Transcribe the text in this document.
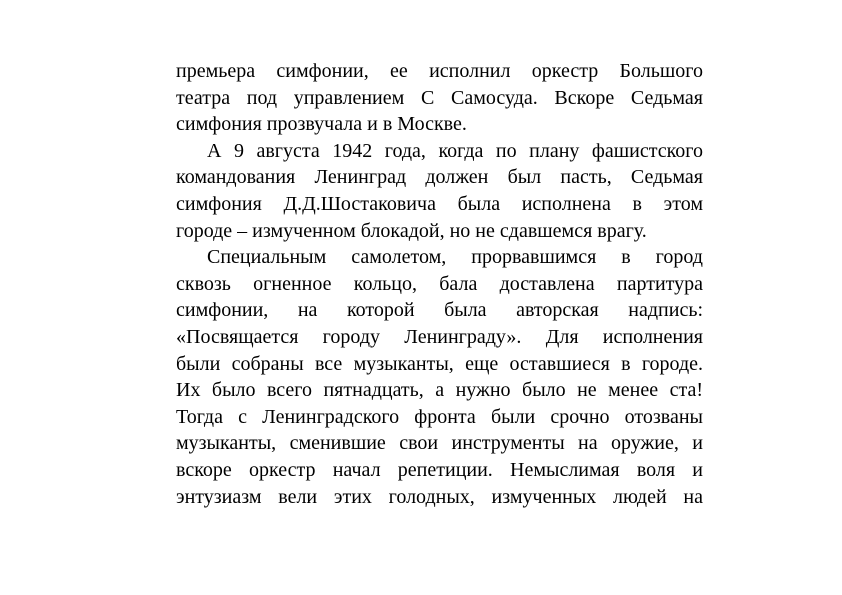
премьера симфонии, ее исполнил оркестр Большого
театра под управлением С Самосуда. Вскоре Седьмая
симфония прозвучала и в Москве.
А 9 августа 1942 года, когда по плану фашистского
командования Ленинград должен был пасть, Седьмая
симфония Д.Д.Шостаковича была исполнена в этом
городе – измученном блокадой, но не сдавшемся врагу.
Специальным самолетом, прорвавшимся в город
сквозь огненное кольцо, бала доставлена партитура
симфонии, на которой была авторская надпись:
«Посвящается городу Ленинграду». Для исполнения
были собраны все музыканты, еще оставшиеся в городе.
Их было всего пятнадцать, а нужно было не менее ста!
Тогда с Ленинградского фронта были срочно отозваны
музыканты, сменившие свои инструменты на оружие, и
вскоре оркестр начал репетиции. Немыслимая воля и
энтузиазм вели этих голодных, измученных людей на
